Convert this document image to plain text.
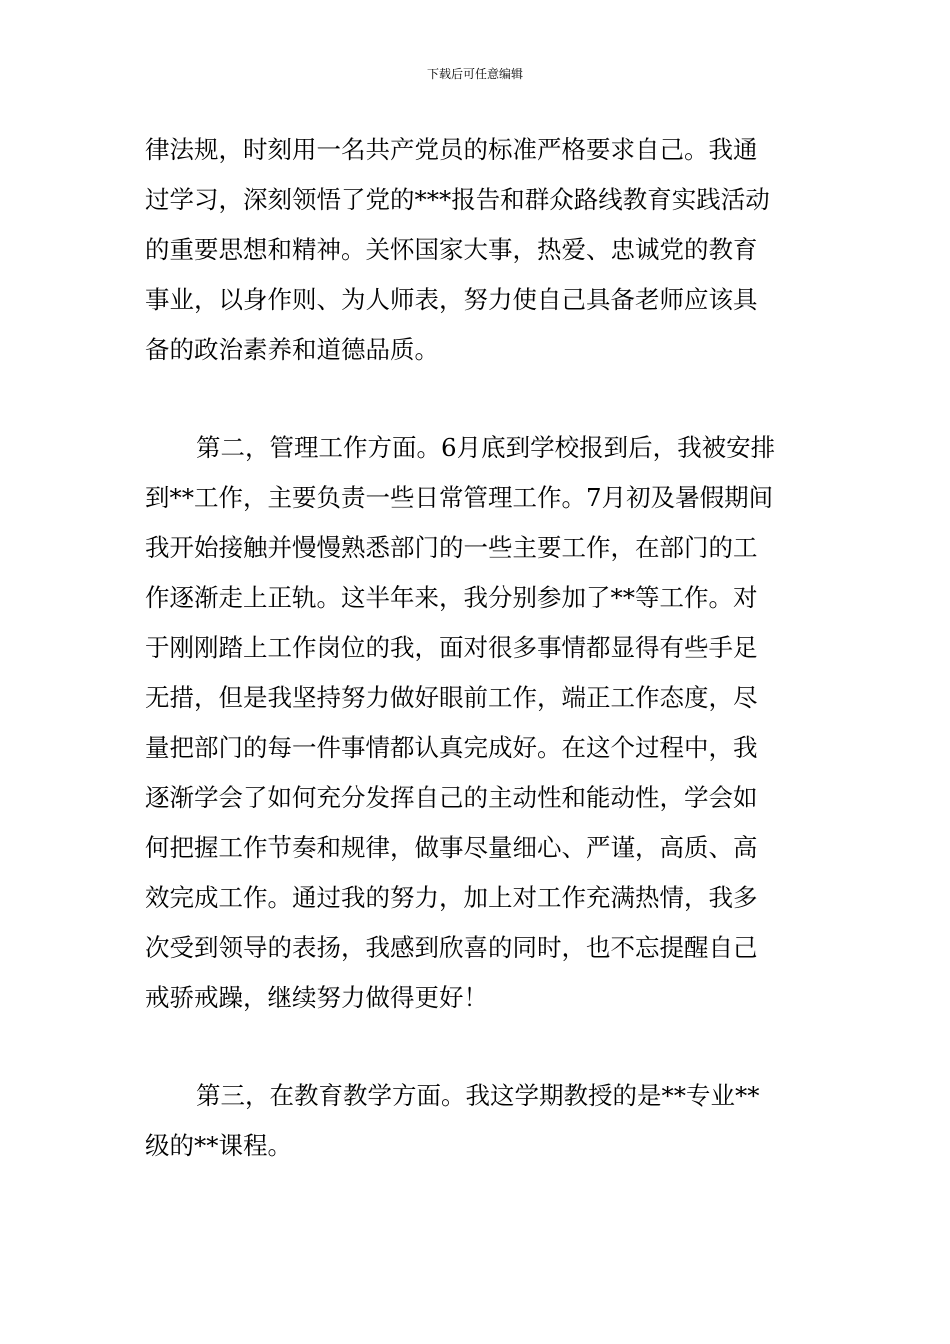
下载后可任意编辑
律法规，时刻用一名共产党员的标准严格要求自己。我通
过学习，深刻领悟了党的***报告和群众路线教育实践活动
的重要思想和精神。关怀国家大事，热爱、忠诚党的教育
事业，以身作则、为人师表，努力使自己具备老师应该具
备的政治素养和道德品质。
第二，管理工作方面。6月底到学校报到后，我被安排
到**工作，主要负责一些日常管理工作。7月初及暑假期间
我开始接触并慢慢熟悉部门的一些主要工作，在部门的工
作逐渐走上正轨。这半年来，我分别参加了**等工作。对
于刚刚踏上工作岗位的我，面对很多事情都显得有些手足
无措，但是我坚持努力做好眼前工作，端正工作态度，尽
量把部门的每一件事情都认真完成好。在这个过程中，我
逐渐学会了如何充分发挥自己的主动性和能动性，学会如
何把握工作节奏和规律，做事尽量细心、严谨，高质、高
效完成工作。通过我的努力，加上对工作充满热情，我多
次受到领导的表扬，我感到欣喜的同时，也不忘提醒自己
戒骄戒躁，继续努力做得更好！
第三，在教育教学方面。我这学期教授的是**专业**
级的**课程。
